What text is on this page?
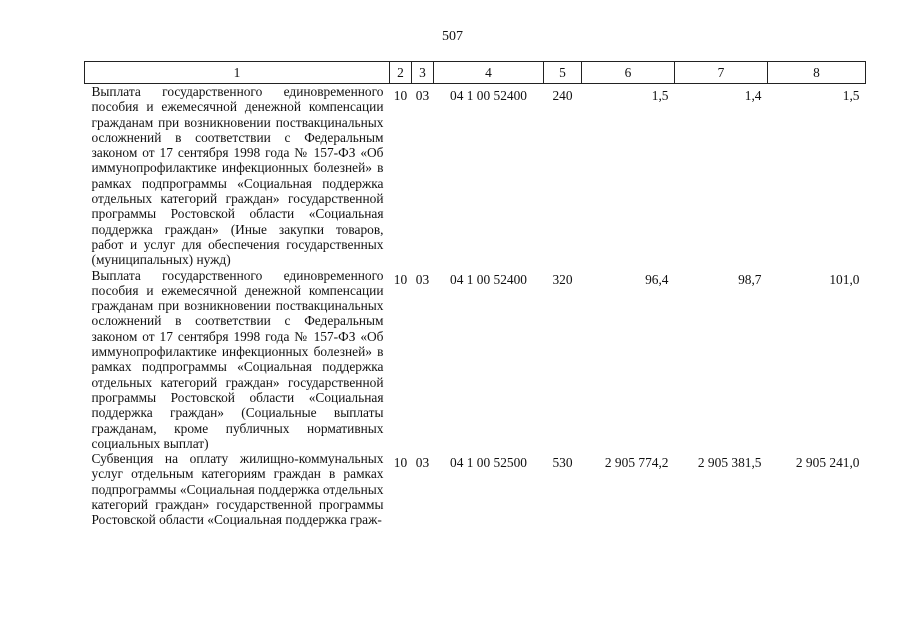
507
1	2	3	4	5	6	7	8
Выплата государственного единовременного пособия и ежемесячной денежной компенсации гражданам при возникновении поствакцинальных осложнений в соответствии с Федеральным законом от 17 сентября 1998 года № 157-ФЗ «Об иммунопрофилактике инфекционных болезней» в рамках подпрограммы «Социальная поддержка отдельных категорий граждан» государственной программы Ростовской области «Социальная поддержка граждан» (Иные закупки товаров, работ и услуг для обеспечения государственных (муниципальных) нужд)	10	03	04 1 00 52400	240	1,5	1,4	1,5
Выплата государственного единовременного пособия и ежемесячной денежной компенсации гражданам при возникновении поствакцинальных осложнений в соответствии с Федеральным законом от 17 сентября 1998 года № 157-ФЗ «Об иммунопрофилактике инфекционных болезней» в рамках подпрограммы «Социальная поддержка отдельных категорий граждан» государственной программы Ростовской области «Социальная поддержка граждан» (Социальные выплаты гражданам, кроме публичных нормативных социальных выплат)	10	03	04 1 00 52400	320	96,4	98,7	101,0
Субвенция на оплату жилищно-коммунальных услуг отдельным категориям граждан в рамках подпрограммы «Социальная поддержка отдельных категорий граждан» государственной программы Ростовской области «Социальная поддержка граж-	10	03	04 1 00 52500	530	2 905 774,2	2 905 381,5	2 905 241,0
